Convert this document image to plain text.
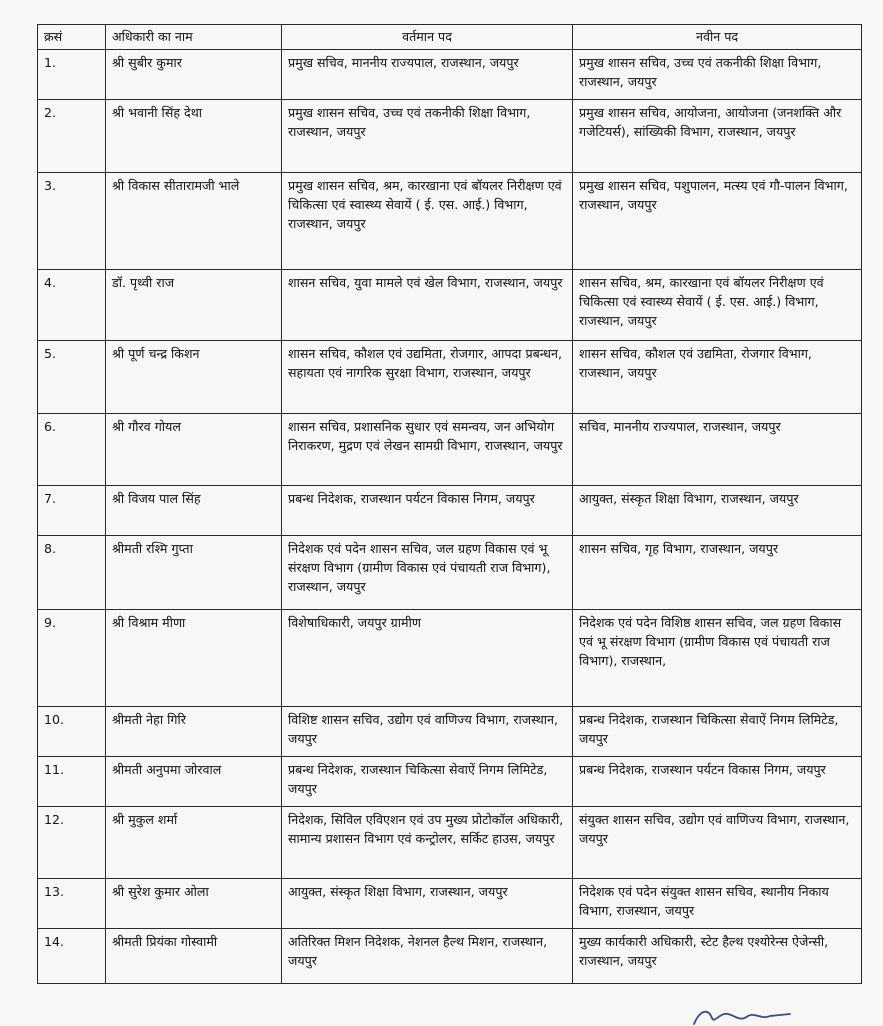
क्रसं	अधिकारी का नाम	वर्तमान पद	नवीन पद
1.	श्री सुबीर कुमार	प्रमुख सचिव, माननीय राज्यपाल, राजस्थान, जयपुर	प्रमुख शासन सचिव, उच्च एवं तकनीकी शिक्षा विभाग, राजस्थान, जयपुर
2.	श्री भवानी सिंह देथा	प्रमुख शासन सचिव, उच्च एवं तकनीकी शिक्षा विभाग, राजस्थान, जयपुर	प्रमुख शासन सचिव, आयोजना, आयोजना (जनशक्ति और गजेटियर्स), सांख्यिकी विभाग, राजस्थान, जयपुर
3.	श्री विकास सीतारामजी भाले	प्रमुख शासन सचिव, श्रम, कारखाना एवं बॉयलर निरीक्षण एवं चिकित्सा एवं स्वास्थ्य सेवायें ( ई. एस. आई.) विभाग, राजस्थान, जयपुर	प्रमुख शासन सचिव, पशुपालन, मत्स्य एवं गौ-पालन विभाग, राजस्थान, जयपुर
4.	डॉ. पृथ्वी राज	शासन सचिव, युवा मामले एवं खेल विभाग, राजस्थान, जयपुर	शासन सचिव, श्रम, कारखाना एवं बॉयलर निरीक्षण एवं चिकित्सा एवं स्वास्थ्य सेवायें ( ई. एस. आई.) विभाग, राजस्थान, जयपुर
5.	श्री पूर्ण चन्द्र किशन	शासन सचिव, कौशल एवं उद्यमिता, रोजगार, आपदा प्रबन्धन, सहायता एवं नागरिक सुरक्षा विभाग, राजस्थान, जयपुर	शासन सचिव, कौशल एवं उद्यमिता, रोजगार विभाग, राजस्थान, जयपुर
6.	श्री गौरव गोयल	शासन सचिव, प्रशासनिक सुधार एवं समन्वय, जन अभियोग निराकरण, मुद्रण एवं लेखन सामग्री विभाग, राजस्थान, जयपुर	सचिव, माननीय राज्यपाल, राजस्थान, जयपुर
7.	श्री विजय पाल सिंह	प्रबन्ध निदेशक, राजस्थान पर्यटन विकास निगम, जयपुर	आयुक्त, संस्कृत शिक्षा विभाग, राजस्थान, जयपुर
8.	श्रीमती रश्मि गुप्ता	निदेशक एवं पदेन शासन सचिव, जल ग्रहण विकास एवं भू संरक्षण विभाग (ग्रामीण विकास एवं पंचायती राज विभाग), राजस्थान, जयपुर	शासन सचिव, गृह विभाग, राजस्थान, जयपुर
9.	श्री विश्राम मीणा	विशेषाधिकारी, जयपुर ग्रामीण	निदेशक एवं पदेन विशिष्ठ शासन सचिव, जल ग्रहण विकास एवं भू संरक्षण विभाग (ग्रामीण विकास एवं पंचायती राज विभाग), राजस्थान,
10.	श्रीमती नेहा गिरि	विशिष्ट शासन सचिव, उद्योग एवं वाणिज्य विभाग, राजस्थान, जयपुर	प्रबन्ध निदेशक, राजस्थान चिकित्सा सेवाऐं निगम लिमिटेड, जयपुर
11.	श्रीमती अनुपमा जोरवाल	प्रबन्ध निदेशक, राजस्थान चिकित्सा सेवाऐं निगम लिमिटेड, जयपुर	प्रबन्ध निदेशक, राजस्थान पर्यटन विकास निगम, जयपुर
12.	श्री मुकुल शर्मा	निदेशक, सिविल एविएशन एवं उप मुख्य प्रोटोकॉल अधिकारी, सामान्य प्रशासन विभाग एवं कन्ट्रोलर, सर्किट हाउस, जयपुर	संयुक्त शासन सचिव, उद्योग एवं वाणिज्य विभाग, राजस्थान, जयपुर
13.	श्री सुरेश कुमार ओला	आयुक्त, संस्कृत शिक्षा विभाग, राजस्थान, जयपुर	निदेशक एवं पदेन संयुक्त शासन सचिव, स्थानीय निकाय विभाग, राजस्थान, जयपुर
14.	श्रीमती प्रियंका गोस्वामी	अतिरिक्त मिशन निदेशक, नेशनल हैल्थ मिशन, राजस्थान, जयपुर	मुख्य कार्यकारी अधिकारी, स्टेट हैल्थ एश्योरेन्स ऐजेन्सी, राजस्थान, जयपुर
